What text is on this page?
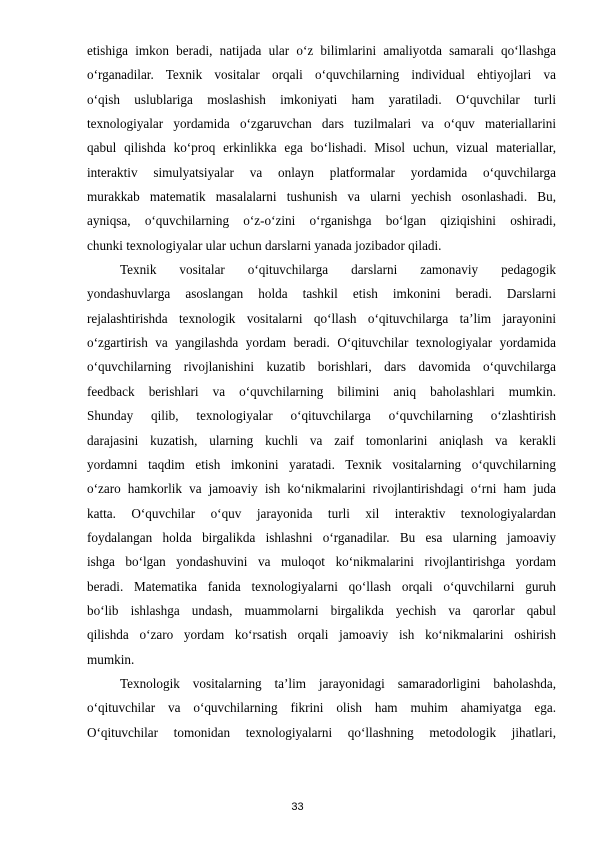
etishiga imkon beradi, natijada ular o‘z bilimlarini amaliyotda samarali qo‘llashga
o‘rganadilar. Texnik vositalar orqali o‘quvchilarning individual ehtiyojlari va
o‘qish uslublariga moslashish imkoniyati ham yaratiladi. O‘quvchilar turli
texnologiyalar yordamida o‘zgaruvchan dars tuzilmalari va o‘quv materiallarini
qabul qilishda ko‘proq erkinlikka ega bo‘lishadi. Misol uchun, vizual materiallar,
interaktiv simulyatsiyalar va onlayn platformalar yordamida o‘quvchilarga
murakkab matematik masalalarni tushunish va ularni yechish osonlashadi. Bu,
ayniqsa, o‘quvchilarning o‘z-o‘zini o‘rganishga bo‘lgan qiziqishini oshiradi,
chunki texnologiyalar ular uchun darslarni yanada jozibador qiladi.
Texnik vositalar o‘qituvchilarga darslarni zamonaviy pedagogik
yondashuvlarga asoslangan holda tashkil etish imkonini beradi. Darslarni
rejalashtirishda texnologik vositalarni qo‘llash o‘qituvchilarga ta’lim jarayonini
o‘zgartirish va yangilashda yordam beradi. O‘qituvchilar texnologiyalar yordamida
o‘quvchilarning rivojlanishini kuzatib borishlari, dars davomida o‘quvchilarga
feedback berishlari va o‘quvchilarning bilimini aniq baholashlari mumkin.
Shunday qilib, texnologiyalar o‘qituvchilarga o‘quvchilarning o‘zlashtirish
darajasini kuzatish, ularning kuchli va zaif tomonlarini aniqlash va kerakli
yordamni taqdim etish imkonini yaratadi. Texnik vositalarning o‘quvchilarning
o‘zaro hamkorlik va jamoaviy ish ko‘nikmalarini rivojlantirishdagi o‘rni ham juda
katta. O‘quvchilar o‘quv jarayonida turli xil interaktiv texnologiyalardan
foydalangan holda birgalikda ishlashni o‘rganadilar. Bu esa ularning jamoaviy
ishga bo‘lgan yondashuvini va muloqot ko‘nikmalarini rivojlantirishga yordam
beradi. Matematika fanida texnologiyalarni qo‘llash orqali o‘quvchilarni guruh
bo‘lib ishlashga undash, muammolarni birgalikda yechish va qarorlar qabul
qilishda o‘zaro yordam ko‘rsatish orqali jamoaviy ish ko‘nikmalarini oshirish
mumkin.
Texnologik vositalarning ta’lim jarayonidagi samaradorligini baholashda,
o‘qituvchilar va o‘quvchilarning fikrini olish ham muhim ahamiyatga ega.
O‘qituvchilar tomonidan texnologiyalarni qo‘llashning metodologik jihatlari,
33
